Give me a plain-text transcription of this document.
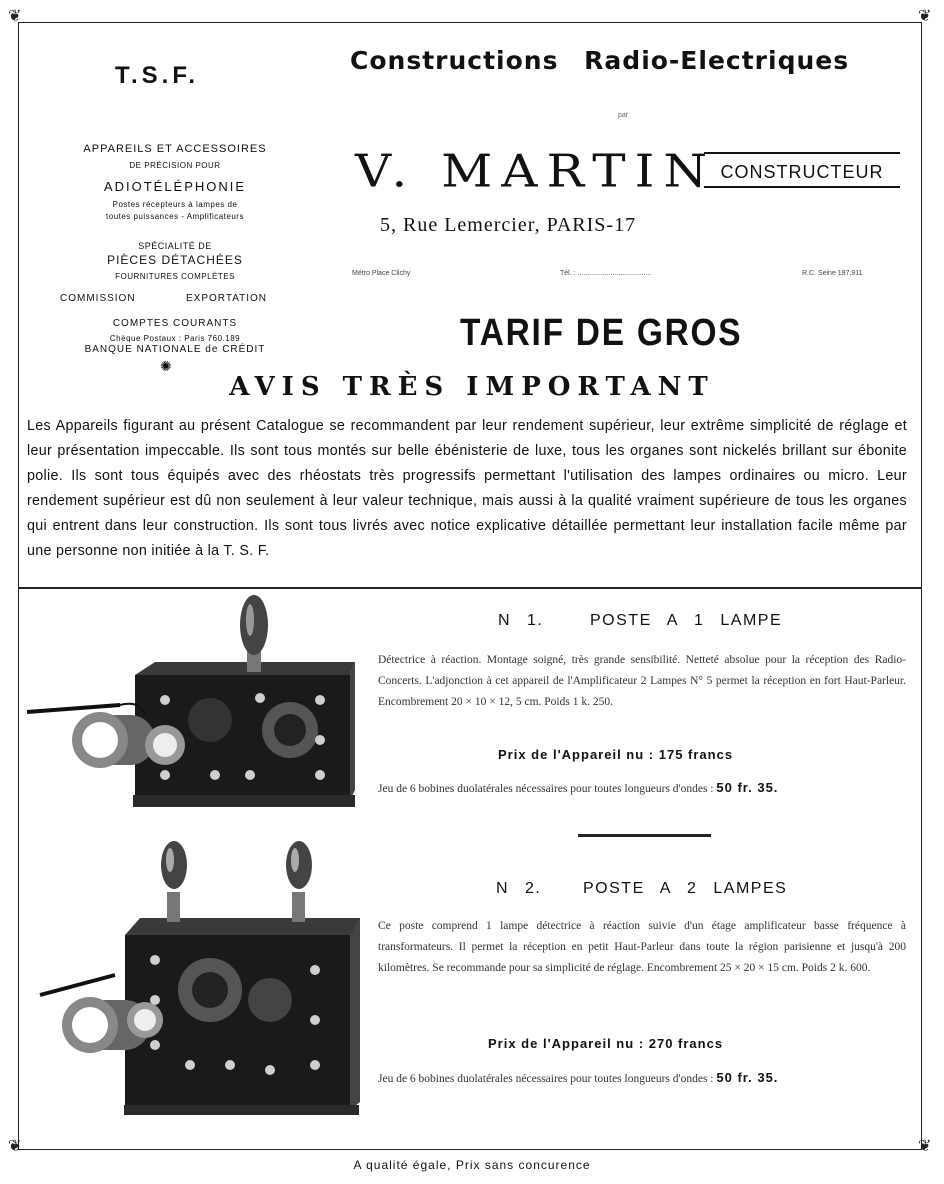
❦	❦
❦	❦
T.S.F.
APPAREILS ET ACCESSOIRES
DE PRÉCISION POUR
ADIOTÉLÉPHONIE
Postes récepteurs à lampes de
toutes puissances - Amplificateurs
SPÉCIALITÉ DE
PIÈCES DÉTACHÉES
FOURNITURES COMPLÈTES
COMMISSION	EXPORTATION
COMPTES COURANTS
Chèque Postaux : Paris 760.189
BANQUE NATIONALE de CRÉDIT
✺
Constructions Radio-Electriques
par
V. MARTIN CONSTRUCTEUR
5, Rue Lemercier, PARIS-17
Métro Place Clichy	Tél. : ......................................	R.C. Seine 197.911
TARIF DE GROS
AVIS TRÈS IMPORTANT
Les Appareils figurant au présent Catalogue se recommandent par leur rendement supérieur, leur extrême simplicité de réglage et leur présentation impeccable. Ils sont tous montés sur belle ébénisterie de luxe, tous les organes sont nickelés brillant sur ébonite polie. Ils sont tous équipés avec des rhéostats très progressifs permettant l'utilisation des lampes ordinaires ou micro. Leur rendement supérieur est dû non seulement à leur valeur technique, mais aussi à la qualité vraiment supérieure de tous les organes qui entrent dans leur construction. Ils sont tous livrés avec notice explicative détaillée permettant leur installation facile même par une personne non initiée à la T. S. F.
N 1.	POSTE A 1 LAMPE
Détectrice à réaction. Montage soigné, très grande sensibilité. Netteté absolue pour la réception des Radio-Concerts. L'adjonction à cet appareil de l'Amplificateur 2 Lampes N° 5 permet la réception en fort Haut-Parleur. Encombrement 20 × 10 × 12, 5 cm. Poids 1 k. 250.
Prix de l'Appareil nu : 175 francs
Jeu de 6 bobines duolatérales nécessaires pour toutes longueurs d'ondes : 50 fr. 35.
N 2.	POSTE A 2 LAMPES
Ce poste comprend 1 lampe détectrice à réaction suivie d'un étage amplificateur basse fréquence à transformateurs. Il permet la réception en petit Haut-Parleur dans toute la région parisienne et jusqu'à 200 kilomètres. Se recommande pour sa simplicité de réglage. Encombrement 25 × 20 × 15 cm. Poids 2 k. 600.
Prix de l'Appareil nu : 270 francs
Jeu de 6 bobines duolatérales nécessaires pour toutes longueurs d'ondes : 50 fr. 35.
A qualité égale, Prix sans concurence
